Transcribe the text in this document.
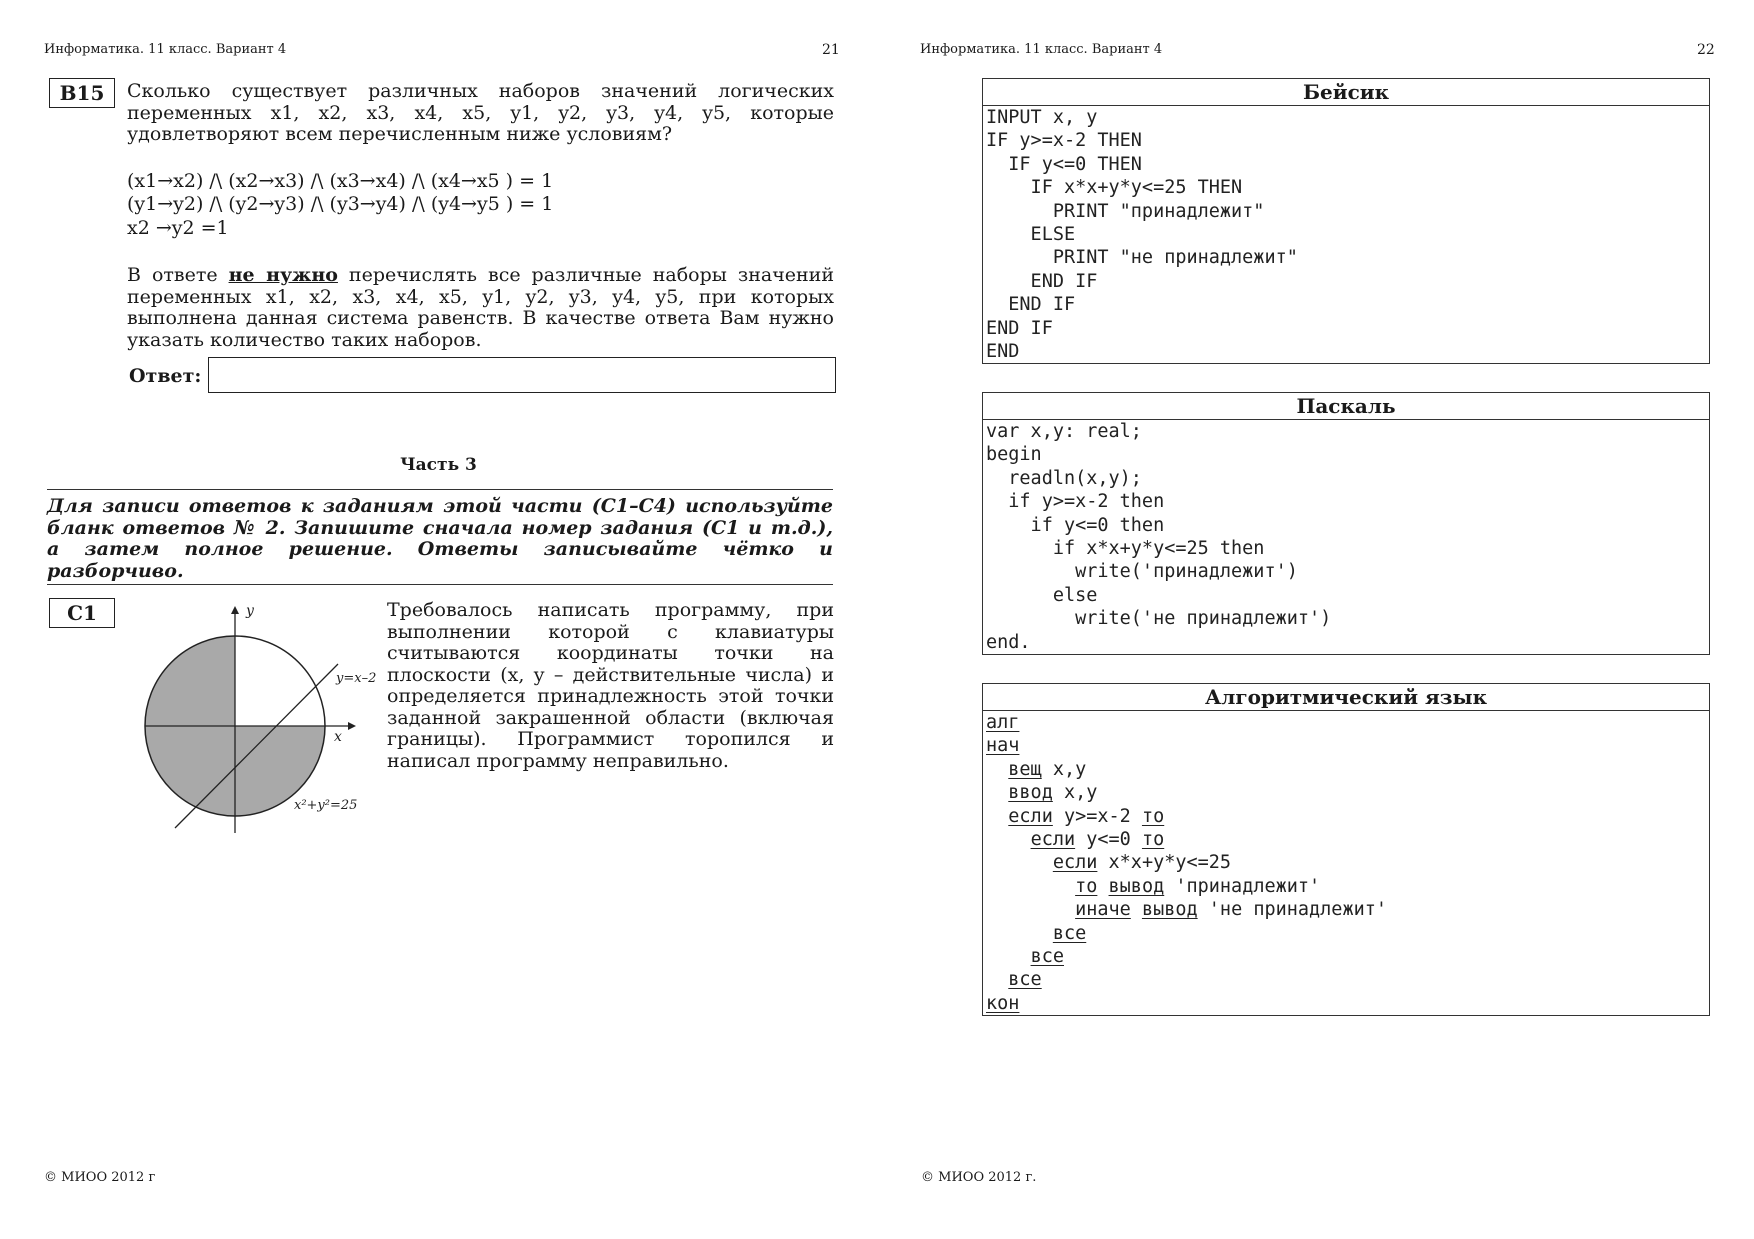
Информатика. 11 класс. Вариант 4	21
B15	Сколько существует различных наборов значений логических
переменных x1, x2, x3, x4, x5, y1, y2, y3, y4, y5, которые
удовлетворяют всем перечисленным ниже условиям?
(x1→x2) /\ (x2→x3) /\ (x3→x4) /\ (x4→x5 ) = 1
(y1→y2) /\ (y2→y3) /\ (y3→y4) /\ (y4→y5 ) = 1
x2 →y2 =1
В ответе не нужно перечислять все различные наборы значений
переменных x1, x2, x3, x4, x5, y1, y2, y3, y4, y5, при которых
выполнена данная система равенств. В качестве ответа Вам нужно
указать количество таких наборов.
Ответ:
Часть 3
Для записи ответов к заданиям этой части (С1–С4) используйте
бланк ответов № 2. Запишите сначала номер задания (С1 и т.д.),
а затем полное решение. Ответы записывайте чётко и
разборчиво.
С1	y
x
y=x–2
x²+y²=25
Требовалось написать программу, при
выполнении которой с клавиатуры
считываются координаты точки на
плоскости (x, y – действительные числа) и
определяется принадлежность этой точки
заданной закрашенной области (включая
границы). Программист торопился и
написал программу неправильно.
© МИОО 2012 г
Информатика. 11 класс. Вариант 4	22
Бейсик
INPUT x, y
IF y>=x-2 THEN
IF y<=0 THEN
IF x*x+y*y<=25 THEN
PRINT "принадлежит"
ELSE
PRINT "не принадлежит"
END IF
END IF
END IF
END
Паскаль
var x,y: real;
begin
readln(x,y);
if y>=x-2 then
if y<=0 then
if x*x+y*y<=25 then
write('принадлежит')
else
write('не принадлежит')
end.
Алгоритмический язык
алг
нач
вещ x,y
ввод x,y
если y>=x-2 то
если y<=0 то
если x*x+y*y<=25
то вывод 'принадлежит'
иначе вывод 'не принадлежит'
все
все
все
кон
© МИОО 2012 г.
